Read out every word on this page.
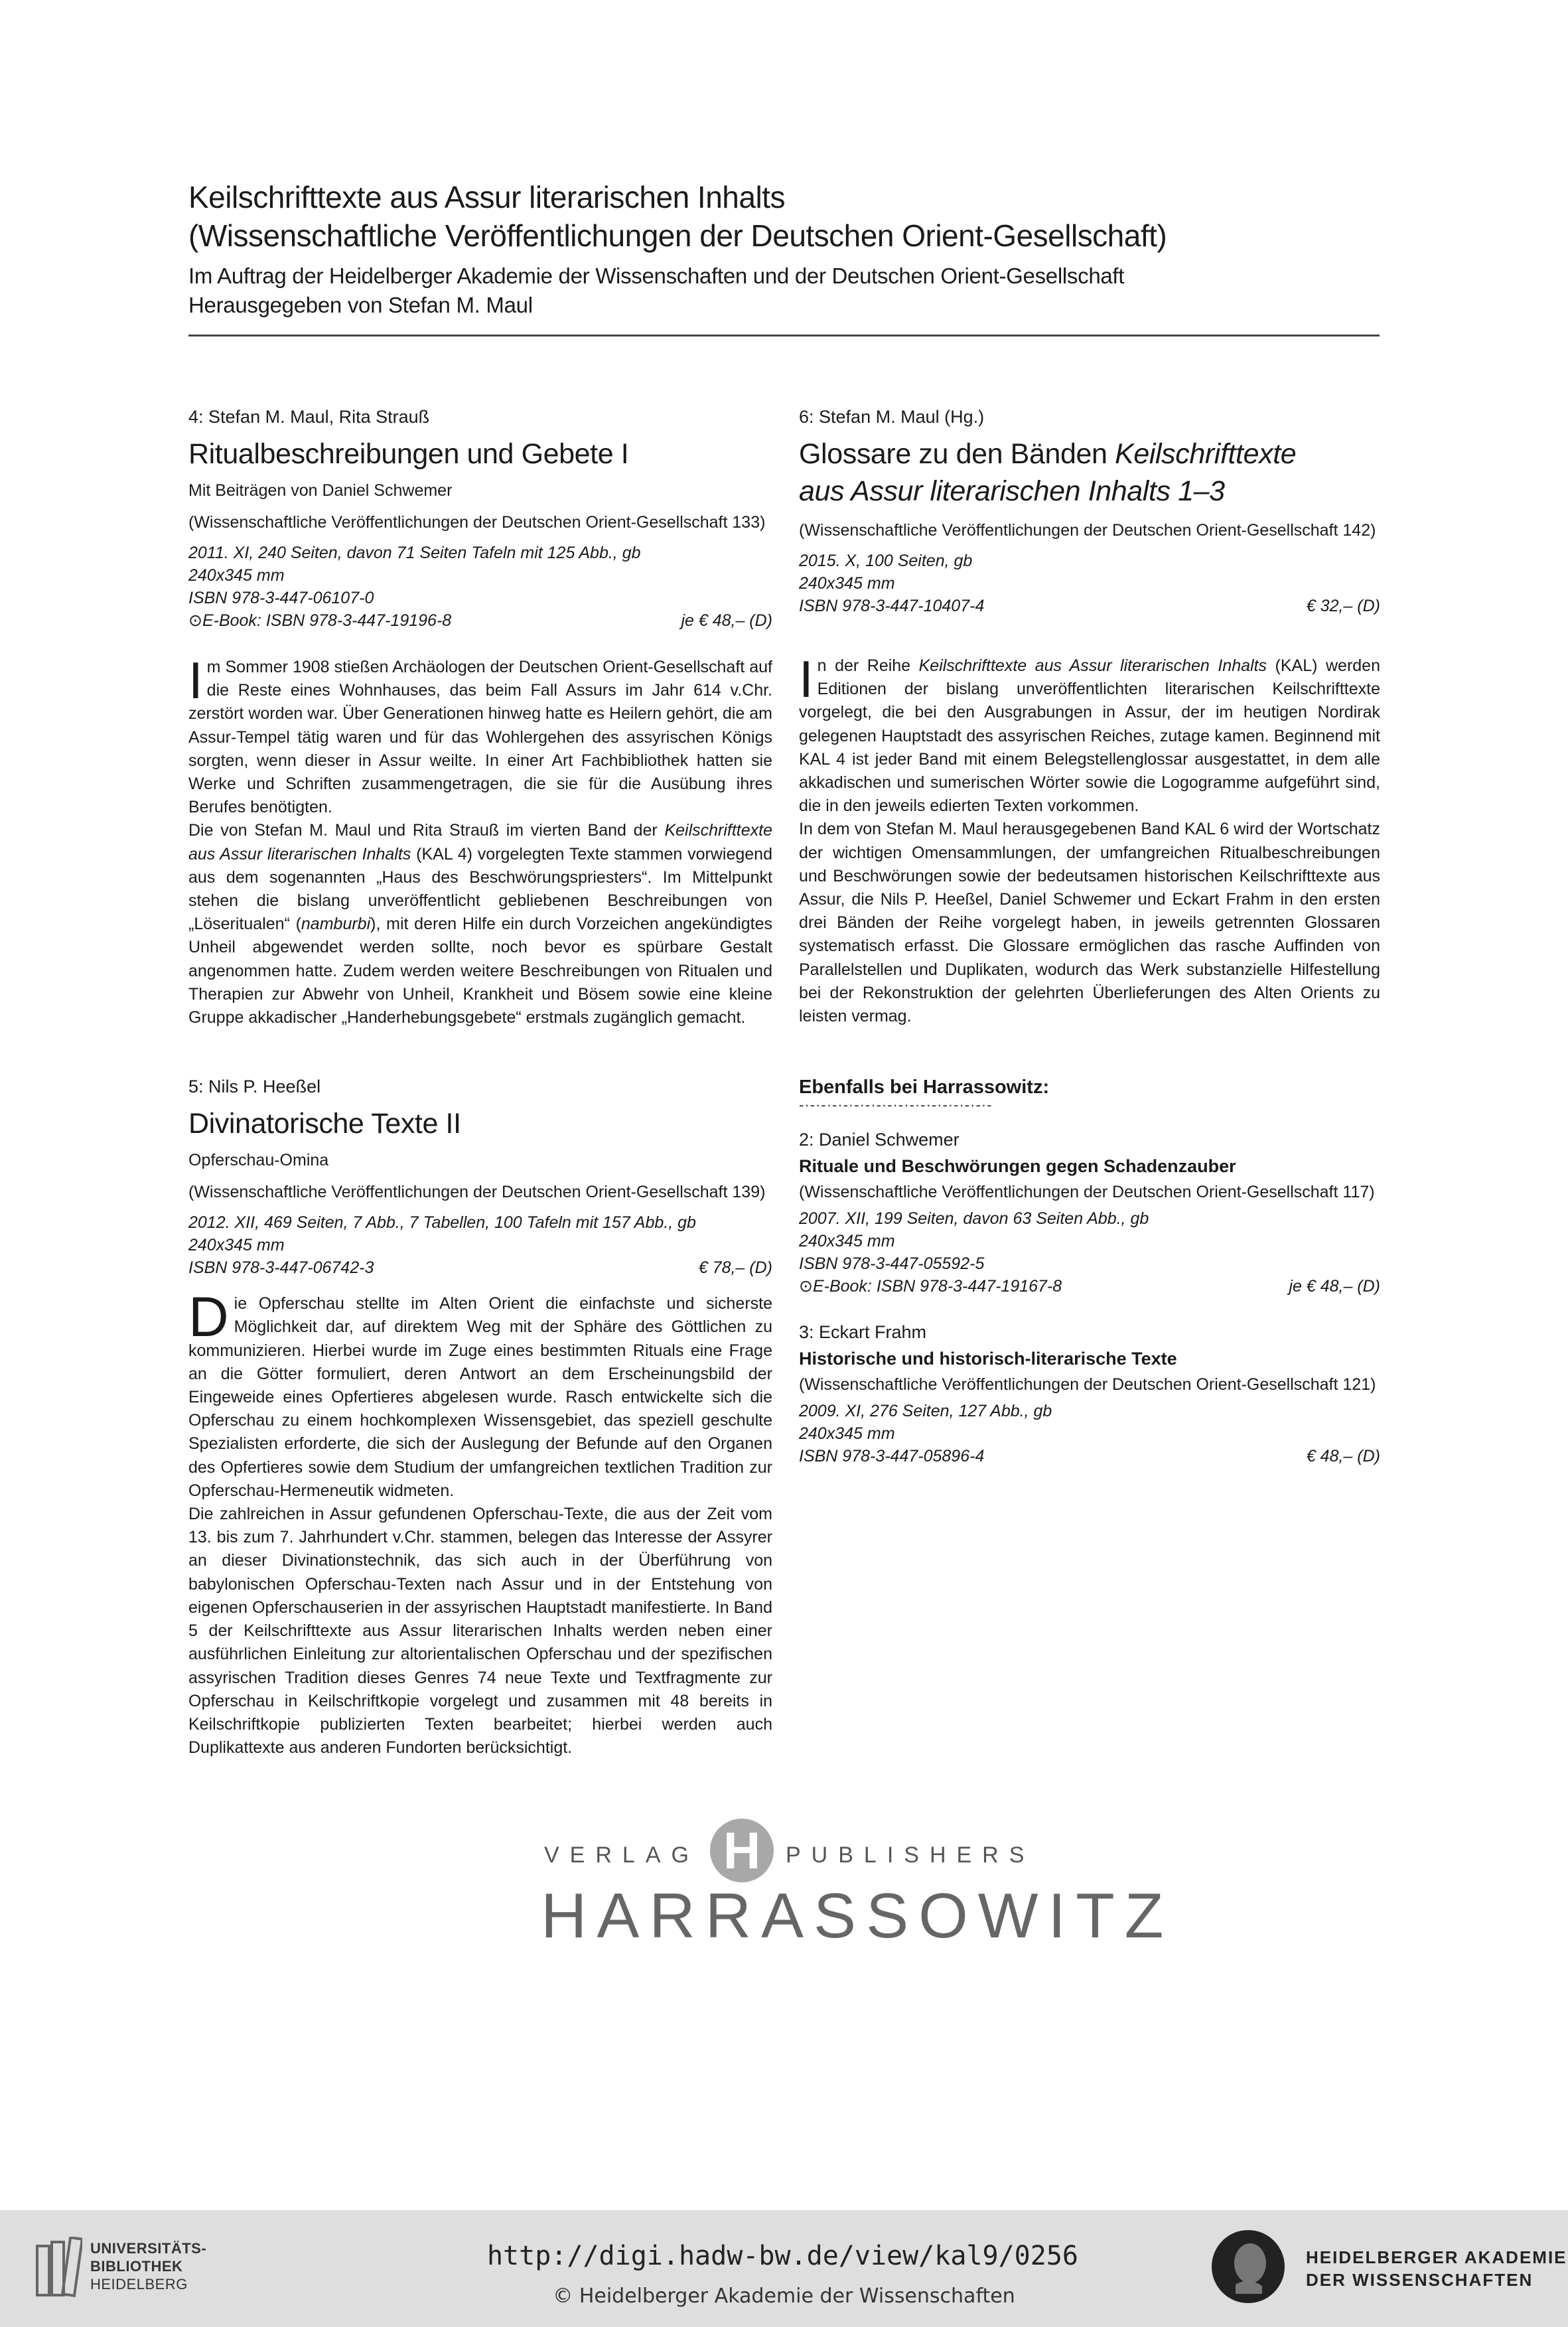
Keilschrifttexte aus Assur literarischen Inhalts
(Wissenschaftliche Veröffentlichungen der Deutschen Orient-Gesellschaft)
Im Auftrag der Heidelberger Akademie der Wissenschaften und der Deutschen Orient-Gesellschaft
Herausgegeben von Stefan M. Maul
4: Stefan M. Maul, Rita Strauß
Ritualbeschreibungen und Gebete I
Mit Beiträgen von Daniel Schwemer
(Wissenschaftliche Veröffentlichungen der Deutschen Orient-Gesellschaft 133)
2011. XI, 240 Seiten, davon 71 Seiten Tafeln mit 125 Abb., gb
240x345 mm
ISBN 978-3-447-06107-0
⊙E-Book: ISBN 978-3-447-19196-8	je € 48,– (D)

Im Sommer 1908 stießen Archäologen der Deutschen Orient-Gesellschaft auf die Reste eines Wohnhauses, das beim Fall Assurs im Jahr 614 v.Chr. zerstört worden war. Über Generationen hinweg hatte es Heilern gehört, die am Assur-Tempel tätig waren und für das Wohlergehen des assyrischen Königs sorgten, wenn dieser in Assur weilte. In einer Art Fachbibliothek hatten sie Werke und Schriften zusammengetragen, die sie für die Ausübung ihres Berufes benötigten.

Die von Stefan M. Maul und Rita Strauß im vierten Band der Keilschrifttexte aus Assur literarischen Inhalts (KAL 4) vorgelegten Texte stammen vorwiegend aus dem sogenannten „Haus des Beschwörungspriesters“. Im Mittelpunkt stehen die bislang unveröffentlicht gebliebenen Beschreibungen von „Löseritualen“ (namburbi), mit deren Hilfe ein durch Vorzeichen angekündigtes Unheil abgewendet werden sollte, noch bevor es spürbare Gestalt angenommen hatte. Zudem werden weitere Beschreibungen von Ritualen und Therapien zur Abwehr von Unheil, Krankheit und Bösem sowie eine kleine Gruppe akkadischer „Handerhebungsgebete“ erstmals zugänglich gemacht.

5: Nils P. Heeßel
Divinatorische Texte II
Opferschau-Omina
(Wissenschaftliche Veröffentlichungen der Deutschen Orient-Gesellschaft 139)
2012. XII, 469 Seiten, 7 Abb., 7 Tabellen, 100 Tafeln mit 157 Abb., gb
240x345 mm
ISBN 978-3-447-06742-3	€ 78,– (D)

Die Opferschau stellte im Alten Orient die einfachste und sicherste Möglichkeit dar, auf direktem Weg mit der Sphäre des Göttlichen zu kommunizieren. Hierbei wurde im Zuge eines bestimmten Rituals eine Frage an die Götter formuliert, deren Antwort an dem Erscheinungsbild der Eingeweide eines Opfertieres abgelesen wurde. Rasch entwickelte sich die Opferschau zu einem hochkomplexen Wissensgebiet, das speziell geschulte Spezialisten erforderte, die sich der Auslegung der Befunde auf den Organen des Opfertieres sowie dem Studium der umfangreichen textlichen Tradition zur Opferschau-Hermeneutik widmeten.

Die zahlreichen in Assur gefundenen Opferschau-Texte, die aus der Zeit vom 13. bis zum 7. Jahrhundert v.Chr. stammen, belegen das Interesse der Assyrer an dieser Divinationstechnik, das sich auch in der Überführung von babylonischen Opferschau-Texten nach Assur und in der Entstehung von eigenen Opferschauserien in der assyrischen Hauptstadt manifestierte. In Band 5 der Keilschrifttexte aus Assur literarischen Inhalts werden neben einer ausführlichen Einleitung zur altorientalischen Opferschau und der spezifischen assyrischen Tradition dieses Genres 74 neue Texte und Textfragmente zur Opferschau in Keilschriftkopie vorgelegt und zusammen mit 48 bereits in Keilschriftkopie publizierten Texten bearbeitet; hierbei werden auch Duplikattexte aus anderen Fundorten berücksichtigt.

6: Stefan M. Maul (Hg.)
Glossare zu den Bänden Keilschrifttexte
aus Assur literarischen Inhalts 1–3
(Wissenschaftliche Veröffentlichungen der Deutschen Orient-Gesellschaft 142)
2015. X, 100 Seiten, gb
240x345 mm
ISBN 978-3-447-10407-4	€ 32,– (D)

In der Reihe Keilschrifttexte aus Assur literarischen Inhalts (KAL) werden Editionen der bislang unveröffentlichten literarischen Keilschrifttexte vorgelegt, die bei den Ausgrabungen in Assur, der im heutigen Nordirak gelegenen Hauptstadt des assyrischen Reiches, zutage kamen. Beginnend mit KAL 4 ist jeder Band mit einem Belegstellenglossar ausgestattet, in dem alle akkadischen und sumerischen Wörter sowie die Logogramme aufgeführt sind, die in den jeweils edierten Texten vorkommen.

In dem von Stefan M. Maul herausgegebenen Band KAL 6 wird der Wortschatz der wichtigen Omensammlungen, der umfangreichen Ritualbeschreibungen und Beschwörungen sowie der bedeutsamen historischen Keilschrifttexte aus Assur, die Nils P. Heeßel, Daniel Schwemer und Eckart Frahm in den ersten drei Bänden der Reihe vorgelegt haben, in jeweils getrennten Glossaren systematisch erfasst. Die Glossare ermöglichen das rasche Auffinden von Parallelstellen und Duplikaten, wodurch das Werk substanzielle Hilfestellung bei der Rekonstruktion der gelehrten Überlieferungen des Alten Orients zu leisten vermag.

Ebenfalls bei Harrassowitz:
-·-·-·-·-·-·-·-·-·-·-·-·-·-·-·-·-·-
2: Daniel Schwemer
Rituale und Beschwörungen gegen Schadenzauber
(Wissenschaftliche Veröffentlichungen der Deutschen Orient-Gesellschaft 117)
2007. XII, 199 Seiten, davon 63 Seiten Abb., gb
240x345 mm
ISBN 978-3-447-05592-5
⊙E-Book: ISBN 978-3-447-19167-8	je € 48,– (D)
3: Eckart Frahm
Historische und historisch-literarische Texte
(Wissenschaftliche Veröffentlichungen der Deutschen Orient-Gesellschaft 121)
2009. XI, 276 Seiten, 127 Abb., gb
240x345 mm
ISBN 978-3-447-05896-4	€ 48,– (D)
VERLAG	PUBLISHERS
H
HARRASSOWITZ
UNIVERSITÄTS-
BIBLIOTHEK
HEIDELBERG
http://digi.hadw-bw.de/view/kal9/0256
© Heidelberger Akademie der Wissenschaften
HEIDELBERGER AKADEMIE
DER WISSENSCHAFTEN
